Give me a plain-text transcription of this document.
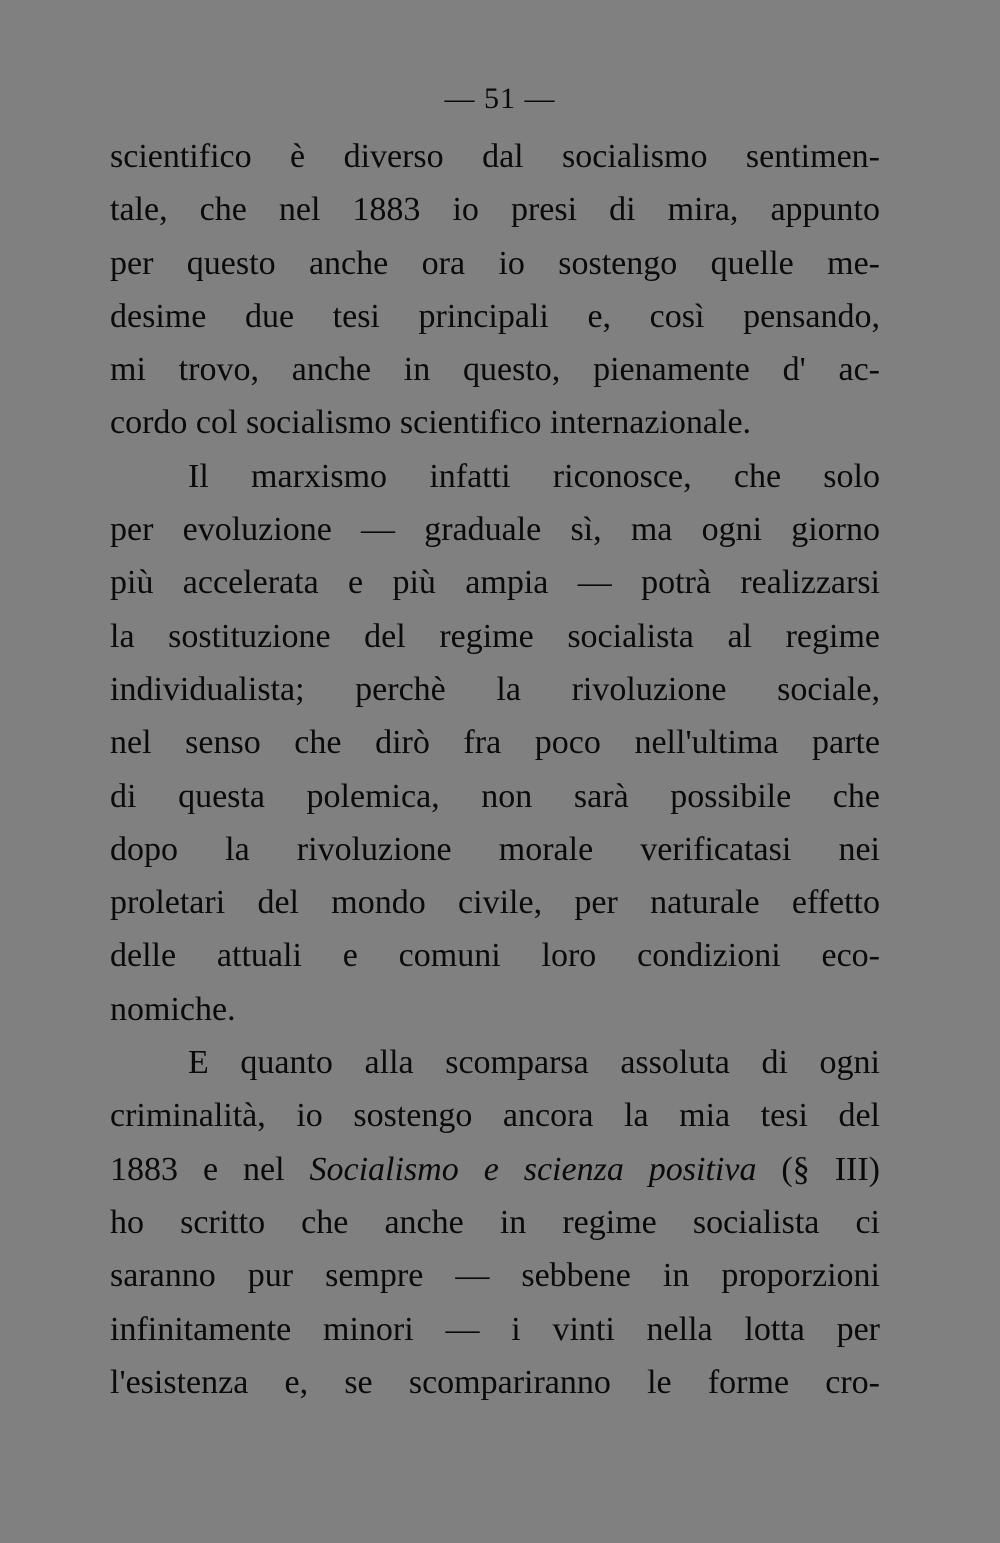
— 51 —
scientifico è diverso dal socialismo sentimen-
tale, che nel 1883 io presi di mira, appunto
per questo anche ora io sostengo quelle me-
desime due tesi principali e, così pensando,
mi trovo, anche in questo, pienamente d' ac-
cordo col socialismo scientifico internazionale.
Il marxismo infatti riconosce, che solo
per evoluzione — graduale sì, ma ogni giorno
più accelerata e più ampia — potrà realizzarsi
la sostituzione del regime socialista al regime
individualista; perchè la rivoluzione sociale,
nel senso che dirò fra poco nell'ultima parte
di questa polemica, non sarà possibile che
dopo la rivoluzione morale verificatasi nei
proletari del mondo civile, per naturale effetto
delle attuali e comuni loro condizioni eco-
nomiche.
E quanto alla scomparsa assoluta di ogni
criminalità, io sostengo ancora la mia tesi del
1883 e nel Socialismo e scienza positiva (§ III)
ho scritto che anche in regime socialista ci
saranno pur sempre — sebbene in proporzioni
infinitamente minori — i vinti nella lotta per
l'esistenza e, se scompariranno le forme cro-
